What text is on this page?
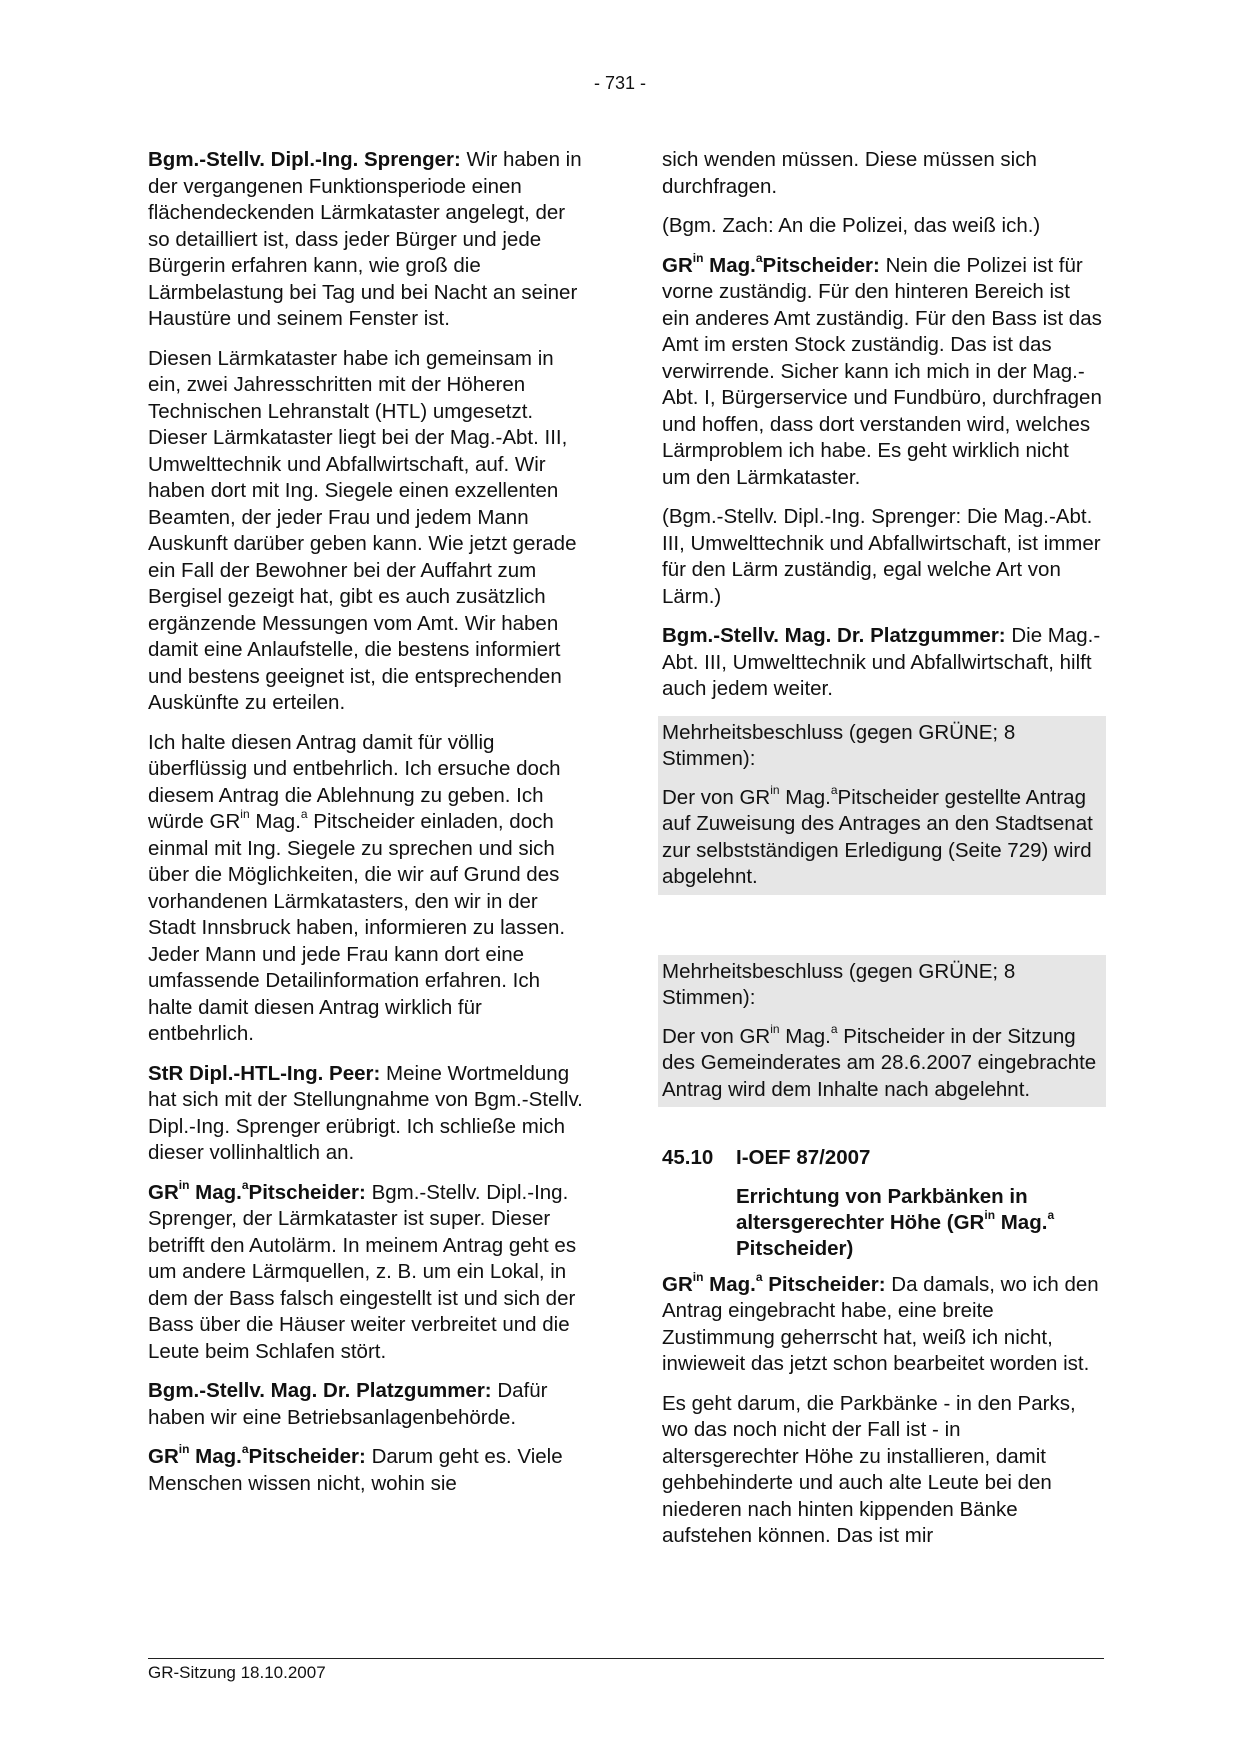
- 731 -

Bgm.-Stellv. Dipl.-Ing. Sprenger: Wir haben in der vergangenen Funktionsperiode einen flächendeckenden Lärmkataster angelegt, der so detailliert ist, dass jeder Bürger und jede Bürgerin erfahren kann, wie groß die Lärmbelastung bei Tag und bei Nacht an seiner Haustüre und seinem Fenster ist.

Diesen Lärmkataster habe ich gemeinsam in ein, zwei Jahresschritten mit der Höheren Technischen Lehranstalt (HTL) umgesetzt. Dieser Lärmkataster liegt bei der Mag.-Abt. III, Umwelttechnik und Abfallwirtschaft, auf. Wir haben dort mit Ing. Siegele einen exzellenten Beamten, der jeder Frau und jedem Mann Auskunft darüber geben kann. Wie jetzt gerade ein Fall der Bewohner bei der Auffahrt zum Bergisel gezeigt hat, gibt es auch zusätzlich ergänzende Messungen vom Amt. Wir haben damit eine Anlaufstelle, die bestens informiert und bestens geeignet ist, die entsprechenden Auskünfte zu erteilen.

Ich halte diesen Antrag damit für völlig überflüssig und entbehrlich. Ich ersuche doch diesem Antrag die Ablehnung zu geben. Ich würde $GR^{in}$ Mag.$^a$ Pitscheider einladen, doch einmal mit Ing. Siegele zu sprechen und sich über die Möglichkeiten, die wir auf Grund des vorhandenen Lärmkatasters, den wir in der Stadt Innsbruck haben, informieren zu lassen. Jeder Mann und jede Frau kann dort eine umfassende Detailinformation erfahren. Ich halte damit diesen Antrag wirklich für entbehrlich.

StR Dipl.-HTL-Ing. Peer: Meine Wortmeldung hat sich mit der Stellungnahme von Bgm.-Stellv. Dipl.-Ing. Sprenger erübrigt. Ich schließe mich dieser vollinhaltlich an.

$GR^{in}$ Mag.$^a$Pitscheider: Bgm.-Stellv. Dipl.-Ing. Sprenger, der Lärmkataster ist super. Dieser betrifft den Autolärm. In meinem Antrag geht es um andere Lärmquellen, z. B. um ein Lokal, in dem der Bass falsch eingestellt ist und sich der Bass über die Häuser weiter verbreitet und die Leute beim Schlafen stört.

Bgm.-Stellv. Mag. Dr. Platzgummer: Dafür haben wir eine Betriebsanlagenbehörde.

$GR^{in}$ Mag.$^a$Pitscheider: Darum geht es. Viele Menschen wissen nicht, wohin sie

sich wenden müssen. Diese müssen sich durchfragen.

(Bgm. Zach: An die Polizei, das weiß ich.)

$GR^{in}$ Mag.$^a$Pitscheider: Nein die Polizei ist für vorne zuständig. Für den hinteren Bereich ist ein anderes Amt zuständig. Für den Bass ist das Amt im ersten Stock zuständig. Das ist das verwirrende. Sicher kann ich mich in der Mag.-Abt. I, Bürgerservice und Fundbüro, durchfragen und hoffen, dass dort verstanden wird, welches Lärmproblem ich habe. Es geht wirklich nicht um den Lärmkataster.

(Bgm.-Stellv. Dipl.-Ing. Sprenger: Die Mag.-Abt. III, Umwelttechnik und Abfallwirtschaft, ist immer für den Lärm zuständig, egal welche Art von Lärm.)

Bgm.-Stellv. Mag. Dr. Platzgummer: Die Mag.-Abt. III, Umwelttechnik und Abfallwirtschaft, hilft auch jedem weiter.

Mehrheitsbeschluss (gegen GRÜNE; 8 Stimmen):

Der von $GR^{in}$ Mag.$^a$Pitscheider gestellte Antrag auf Zuweisung des Antrages an den Stadtsenat zur selbstständigen Erledigung (Seite 729) wird abgelehnt.

Mehrheitsbeschluss (gegen GRÜNE; 8 Stimmen):

Der von $GR^{in}$ Mag.$^a$ Pitscheider in der Sitzung des Gemeinderates am 28.6.2007 eingebrachte Antrag wird dem Inhalte nach abgelehnt.

45.10 I-OEF 87/2007
Errichtung von Parkbänken in altersgerechter Höhe ($GR^{in}$ Mag.$^a$ Pitscheider)

$GR^{in}$ Mag.$^a$ Pitscheider: Da damals, wo ich den Antrag eingebracht habe, eine breite Zustimmung geherrscht hat, weiß ich nicht, inwieweit das jetzt schon bearbeitet worden ist.

Es geht darum, die Parkbänke - in den Parks, wo das noch nicht der Fall ist - in altersgerechter Höhe zu installieren, damit gehbehinderte und auch alte Leute bei den niederen nach hinten kippenden Bänke aufstehen können. Das ist mir

GR-Sitzung 18.10.2007
